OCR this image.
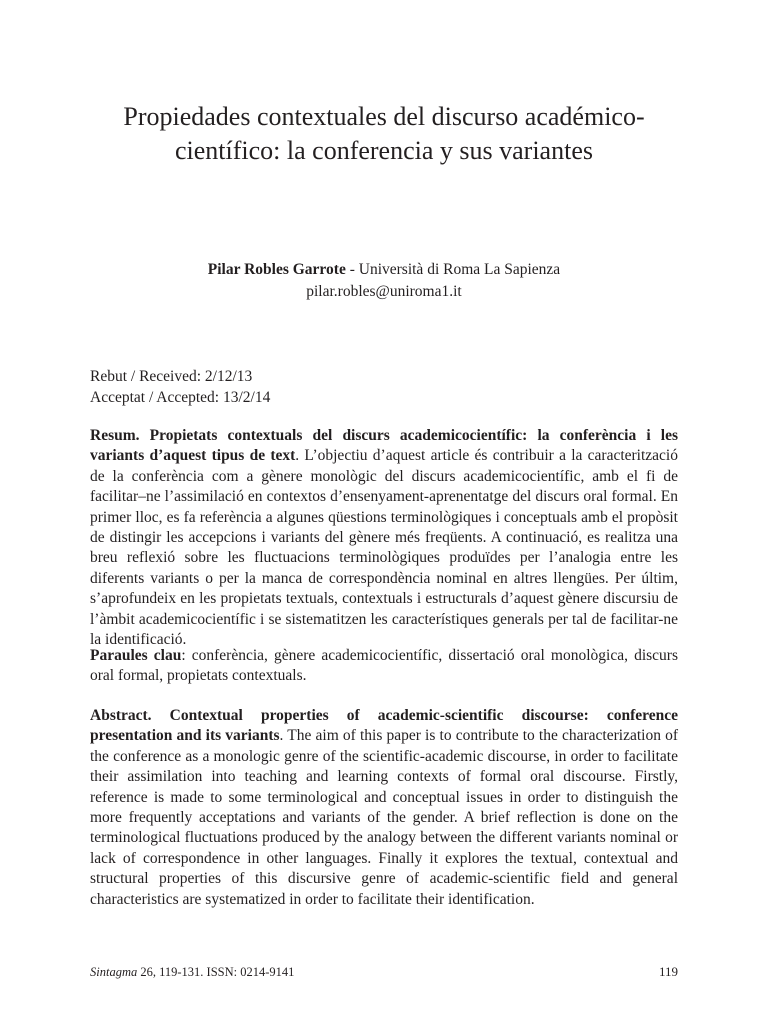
Propiedades contextuales del discurso académico-
científico: la conferencia y sus variantes
Pilar Robles Garrote - Università di Roma La Sapienza
pilar.robles@uniroma1.it
Rebut / Received: 2/12/13
Acceptat / Accepted: 13/2/14

Resum. Propietats contextuals del discurs academicocientífic: la conferència i les variants d’aquest tipus de text. L’objectiu d’aquest article és contribuir a la caracterització de la conferència com a gènere monològic del discurs academicocientífic, amb el fi de facilitar–ne l’assimilació en contextos d’ensenyament-aprenentatge del discurs oral formal. En primer lloc, es fa referència a algunes qüestions terminològiques i conceptuals amb el propòsit de distingir les accepcions i variants del gènere més freqüents. A continuació, es realitza una breu reflexió sobre les fluctuacions terminològiques produïdes per l’analogia entre les diferents variants o per la manca de correspondència nominal en altres llengües. Per últim, s’aprofundeix en les propietats textuals, contextuals i estructurals d’aquest gènere discursiu de l’àmbit academicocientífic i se sistematitzen les característiques generals per tal de facilitar-ne la identificació.

Paraules clau: conferència, gènere academicocientífic, dissertació oral monològica, discurs oral formal, propietats contextuals.

Abstract. Contextual properties of academic-scientific discourse: conference presentation and its variants. The aim of this paper is to contribute to the characterization of the conference as a monologic genre of the scientific-academic discourse, in order to facilitate their assimilation into teaching and learning contexts of formal oral discourse. Firstly, reference is made to some terminological and conceptual issues in order to distinguish the more frequently acceptations and variants of the gender. A brief reflection is done on the terminological fluctuations produced by the analogy between the different variants nominal or lack of correspondence in other languages. Finally it explores the textual, contextual and structural properties of this discursive genre of academic-scientific field and general characteristics are systematized in order to facilitate their identification.

Sintagma 26, 119-131. ISSN: 0214-9141	119
